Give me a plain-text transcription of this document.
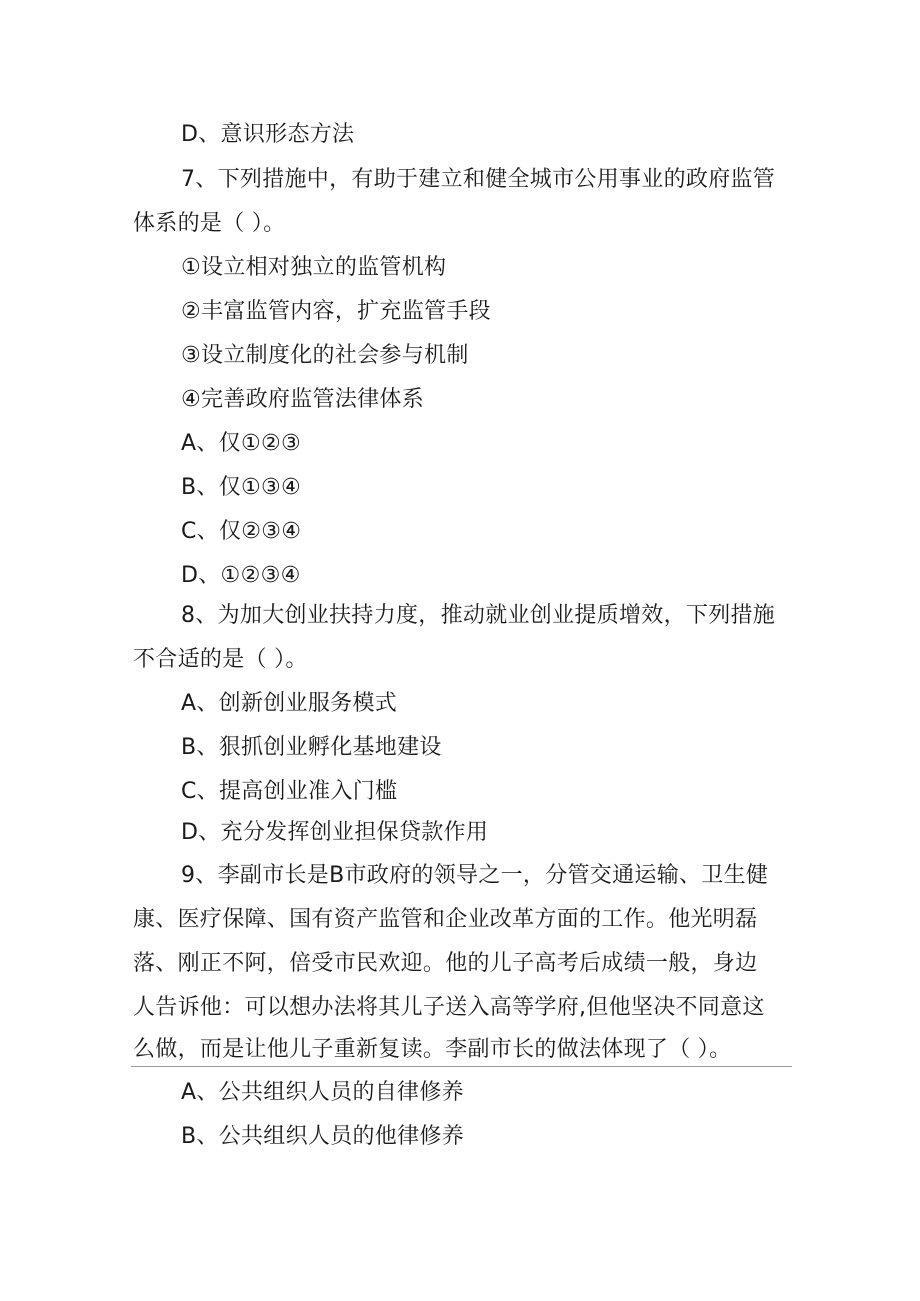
D、意识形态方法
7、下列措施中，有助于建立和健全城市公用事业的政府监管
体系的是（ ）。
①设立相对独立的监管机构
②丰富监管内容，扩充监管手段
③设立制度化的社会参与机制
④完善政府监管法律体系
A、仅①②③
B、仅①③④
C、仅②③④
D、①②③④
8、为加大创业扶持力度，推动就业创业提质增效，下列措施
不合适的是（ ）。
A、创新创业服务模式
B、狠抓创业孵化基地建设
C、提高创业准入门槛
D、充分发挥创业担保贷款作用
9、李副市长是B市政府的领导之一，分管交通运输、卫生健
康、医疗保障、国有资产监管和企业改革方面的工作。他光明磊
落、刚正不阿，倍受市民欢迎。他的儿子高考后成绩一般，身边
人告诉他：可以想办法将其儿子送入高等学府,但他坚决不同意这
么做，而是让他儿子重新复读。李副市长的做法体现了（ ）。
A、公共组织人员的自律修养
B、公共组织人员的他律修养
